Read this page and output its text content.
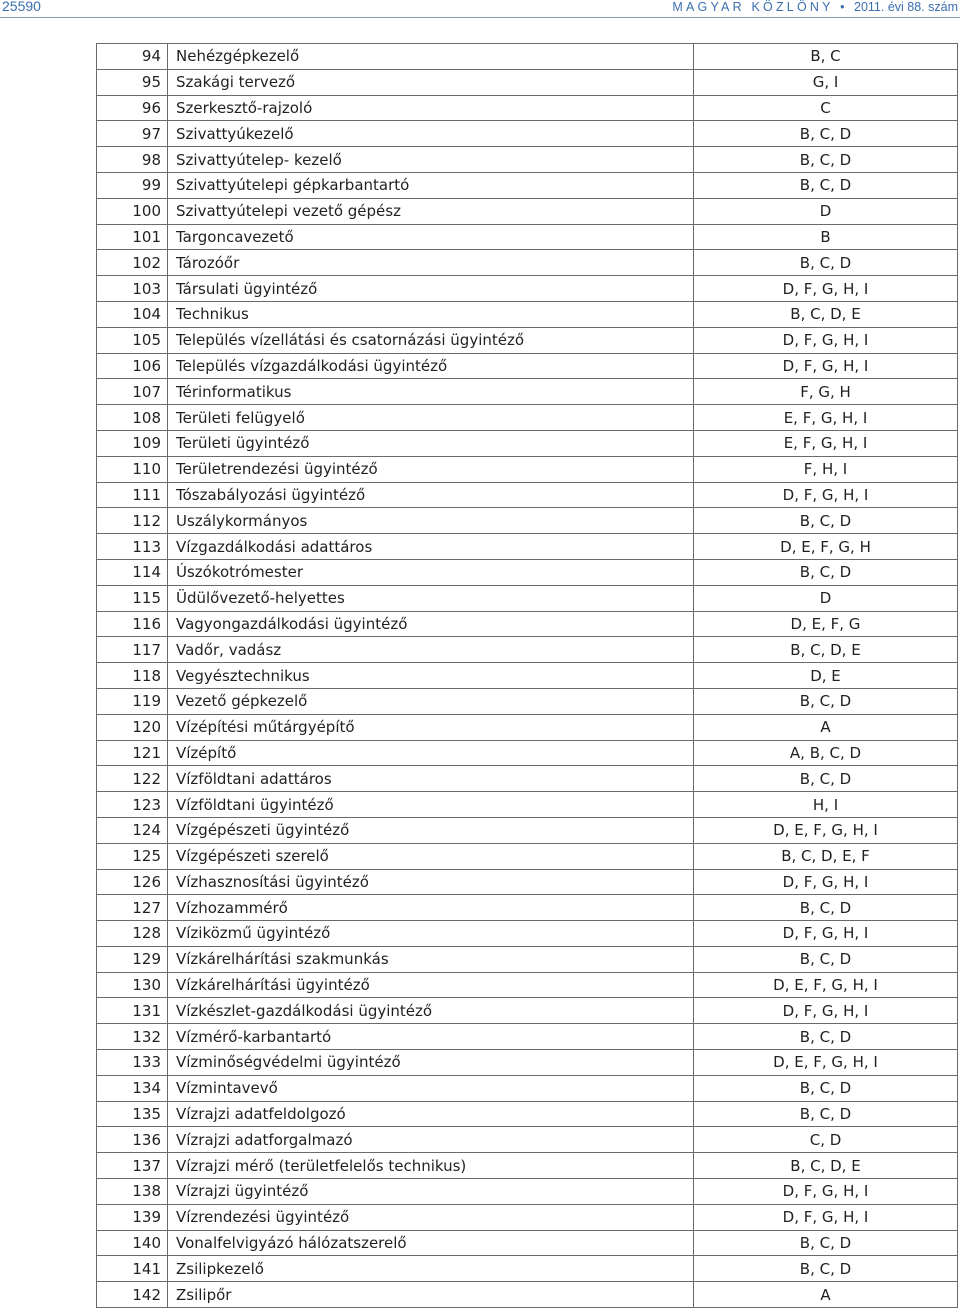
25590	MAGYAR KÖZLÖNY • 2011. évi 88. szám
94	Nehézgépkezelő	B, C
95	Szakági tervező	G, I
96	Szerkesztő-rajzoló	C
97	Szivattyúkezelő	B, C, D
98	Szivattyútelep- kezelő	B, C, D
99	Szivattyútelepi gépkarbantartó	B, C, D
100	Szivattyútelepi vezető gépész	D
101	Targoncavezető	B
102	Tározóőr	B, C, D
103	Társulati ügyintéző	D, F, G, H, I
104	Technikus	B, C, D, E
105	Település vízellátási és csatornázási ügyintéző	D, F, G, H, I
106	Település vízgazdálkodási ügyintéző	D, F, G, H, I
107	Térinformatikus	F, G, H
108	Területi felügyelő	E, F, G, H, I
109	Területi ügyintéző	E, F, G, H, I
110	Területrendezési ügyintéző	F, H, I
111	Tószabályozási ügyintéző	D, F, G, H, I
112	Uszálykormányos	B, C, D
113	Vízgazdálkodási adattáros	D, E, F, G, H
114	Úszókotrómester	B, C, D
115	Üdülővezető-helyettes	D
116	Vagyongazdálkodási ügyintéző	D, E, F, G
117	Vadőr, vadász	B, C, D, E
118	Vegyésztechnikus	D, E
119	Vezető gépkezelő	B, C, D
120	Vízépítési műtárgyépítő	A
121	Vízépítő	A, B, C, D
122	Vízföldtani adattáros	B, C, D
123	Vízföldtani ügyintéző	H, I
124	Vízgépészeti ügyintéző	D, E, F, G, H, I
125	Vízgépészeti szerelő	B, C, D, E, F
126	Vízhasznosítási ügyintéző	D, F, G, H, I
127	Vízhozammérő	B, C, D
128	Víziközmű ügyintéző	D, F, G, H, I
129	Vízkárelhárítási szakmunkás	B, C, D
130	Vízkárelhárítási ügyintéző	D, E, F, G, H, I
131	Vízkészlet-gazdálkodási ügyintéző	D, F, G, H, I
132	Vízmérő-karbantartó	B, C, D
133	Vízminőségvédelmi ügyintéző	D, E, F, G, H, I
134	Vízmintavevő	B, C, D
135	Vízrajzi adatfeldolgozó	B, C, D
136	Vízrajzi adatforgalmazó	C, D
137	Vízrajzi mérő (területfelelős technikus)	B, C, D, E
138	Vízrajzi ügyintéző	D, F, G, H, I
139	Vízrendezési ügyintéző	D, F, G, H, I
140	Vonalfelvigyázó hálózatszerelő	B, C, D
141	Zsilipkezelő	B, C, D
142	Zsilipőr	A
